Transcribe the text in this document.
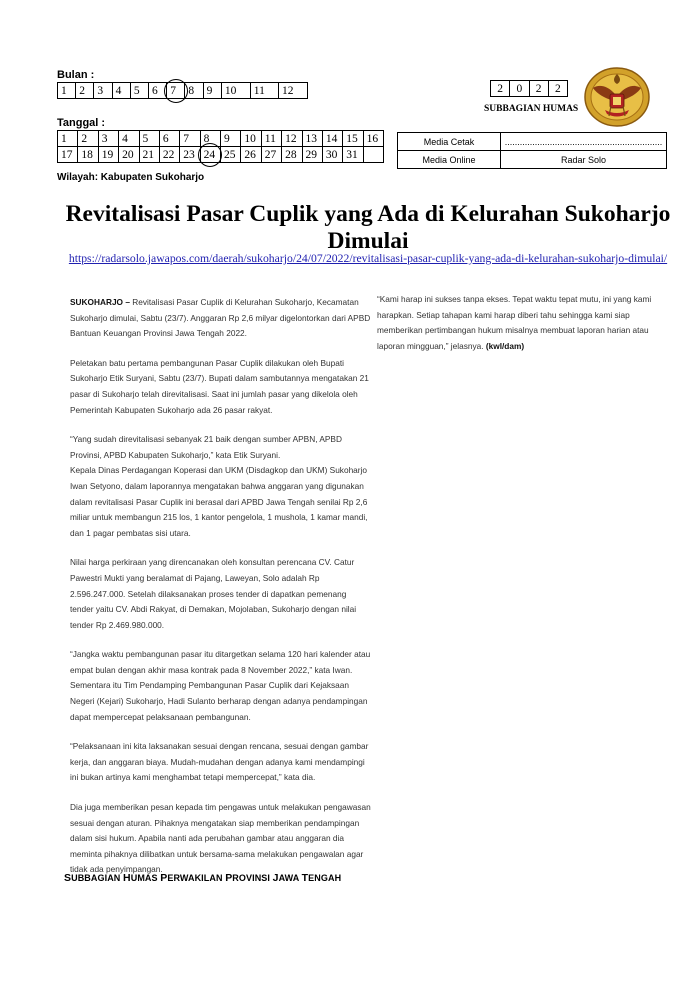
Bulan :
1	2	3	4	5	6	7	8	9	10	11	12
Tanggal :
1	2	3	4	5	6	7	8	9	10	11	12	13	14	15	16
17	18	19	20	21	22	23	24	25	26	27	28	29	30	31	
2	0	2	2
SUBBAGIAN HUMAS
Media Cetak	...............................................................
Media Online	Radar Solo
Wilayah: Kabupaten Sukoharjo
Revitalisasi Pasar Cuplik yang Ada di Kelurahan Sukoharjo Dimulai
https://radarsolo.jawapos.com/daerah/sukoharjo/24/07/2022/revitalisasi-pasar-cuplik-yang-ada-di-kelurahan-sukoharjo-dimulai/

SUKOHARJO – Revitalisasi Pasar Cuplik di Kelurahan Sukoharjo, Kecamatan Sukoharjo dimulai, Sabtu (23/7). Anggaran Rp 2,6 milyar digelontorkan dari APBD Bantuan Keuangan Provinsi Jawa Tengah 2022.

Peletakan batu pertama pembangunan Pasar Cuplik dilakukan oleh Bupati Sukoharjo Etik Suryani, Sabtu (23/7). Bupati dalam sambutannya mengatakan 21 pasar di Sukoharjo telah direvitalisasi. Saat ini jumlah pasar yang dikelola oleh Pemerintah Kabupaten Sukoharjo ada 26 pasar rakyat.

“Yang sudah direvitalisasi sebanyak 21 baik dengan sumber APBN, APBD Provinsi, APBD Kabupaten Sukoharjo,” kata Etik Suryani.

Kepala Dinas Perdagangan Koperasi dan UKM (Disdagkop dan UKM) Sukoharjo Iwan Setyono, dalam laporannya mengatakan bahwa anggaran yang digunakan dalam revitalisasi Pasar Cuplik ini berasal dari APBD Jawa Tengah senilai Rp 2,6 miliar untuk membangun 215 los, 1 kantor pengelola, 1 mushola, 1 kamar mandi, dan 1 pagar pembatas sisi utara.

Nilai harga perkiraan yang direncanakan oleh konsultan perencana CV. Catur Pawestri Mukti yang beralamat di Pajang, Laweyan, Solo adalah Rp 2.596.247.000. Setelah dilaksanakan proses tender di dapatkan pemenang tender yaitu CV. Abdi Rakyat, di Demakan, Mojolaban, Sukoharjo dengan nilai tender Rp 2.469.980.000.

“Jangka waktu pembangunan pasar itu ditargetkan selama 120 hari kalender atau empat bulan dengan akhir masa kontrak pada 8 November 2022,” kata Iwan.

Sementara itu Tim Pendamping Pembangunan Pasar Cuplik dari Kejaksaan Negeri (Kejari) Sukoharjo, Hadi Sulanto berharap dengan adanya pendampingan dapat mempercepat pelaksanaan pembangunan.

“Pelaksanaan ini kita laksanakan sesuai dengan rencana, sesuai dengan gambar kerja, dan anggaran biaya. Mudah-mudahan dengan adanya kami mendampingi ini bukan artinya kami menghambat tetapi mempercepat,” kata dia.

Dia juga memberikan pesan kepada tim pengawas untuk melakukan pengawasan sesuai dengan aturan. Pihaknya mengatakan siap memberikan pendampingan dalam sisi hukum. Apabila nanti ada perubahan gambar atau anggaran dia meminta pihaknya dilibatkan untuk bersama-sama melakukan pengawalan agar tidak ada penyimpangan.

“Kami harap ini sukses tanpa ekses. Tepat waktu tepat mutu, ini yang kami harapkan. Setiap tahapan kami harap diberi tahu sehingga kami siap memberikan pertimbangan hukum misalnya membuat laporan harian atau laporan mingguan,” jelasnya. (kwl/dam)

SUBBAGIAN HUMAS PERWAKILAN PROVINSI JAWA TENGAH
